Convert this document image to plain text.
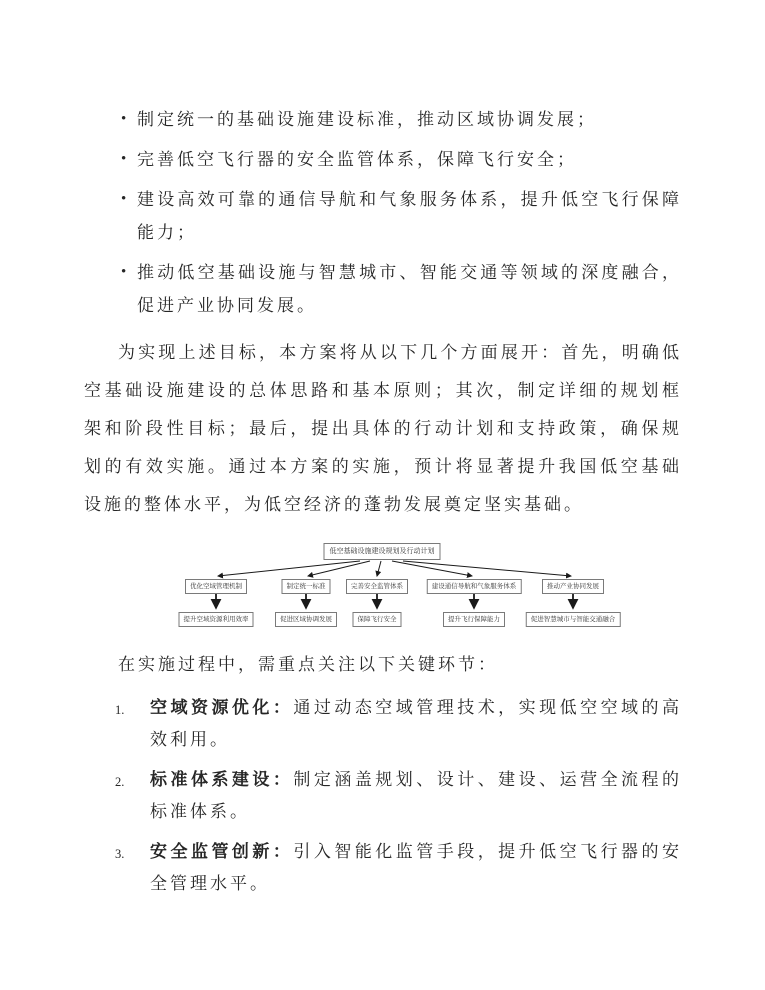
• 制定统一的基础设施建设标准，推动区域协调发展；
• 完善低空飞行器的安全监管体系，保障飞行安全；
• 建设高效可靠的通信导航和气象服务体系，提升低空飞行保障能力；
• 推动低空基础设施与智慧城市、智能交通等领域的深度融合，促进产业协同发展。

为实现上述目标，本方案将从以下几个方面展开：首先，明确低空基础设施建设的总体思路和基本原则；其次，制定详细的规划框架和阶段性目标；最后，提出具体的行动计划和支持政策，确保规划的有效实施。通过本方案的实施，预计将显著提升我国低空基础设施的整体水平，为低空经济的蓬勃发展奠定坚实基础。

低空基础设施建设规划及行动计划
优化空域管理机制	制定统一标准	完善安全监管体系	建设通信导航和气象服务体系	推动产业协同发展
提升空域资源利用效率	促进区域协调发展	保障飞行安全	提升飞行保障能力	促进智慧城市与智能交通融合

在实施过程中，需重点关注以下关键环节：

1. 空域资源优化：通过动态空域管理技术，实现低空空域的高效利用。
2. 标准体系建设：制定涵盖规划、设计、建设、运营全流程的标准体系。
3. 安全监管创新：引入智能化监管手段，提升低空飞行器的安全管理水平。
